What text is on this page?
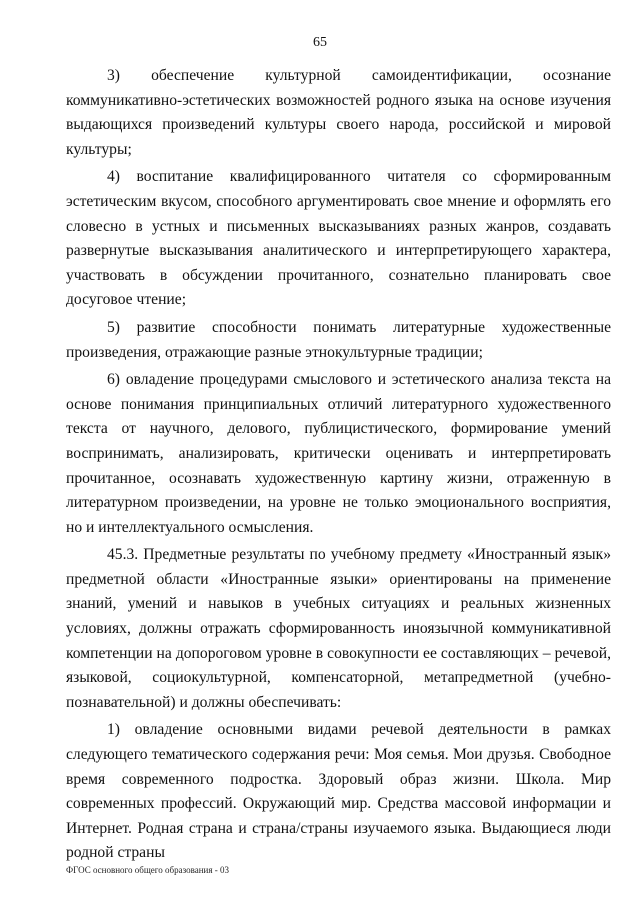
65

3) обеспечение культурной самоидентификации, осознание коммуникативно-эстетических возможностей родного языка на основе изучения выдающихся произведений культуры своего народа, российской и мировой культуры;

4) воспитание квалифицированного читателя со сформированным эстетическим вкусом, способного аргументировать свое мнение и оформлять его словесно в устных и письменных высказываниях разных жанров, создавать развернутые высказывания аналитического и интерпретирующего характера, участвовать в обсуждении прочитанного, сознательно планировать свое досуговое чтение;

5) развитие способности понимать литературные художественные произведения, отражающие разные этнокультурные традиции;

6) овладение процедурами смыслового и эстетического анализа текста на основе понимания принципиальных отличий литературного художественного текста от научного, делового, публицистического, формирование умений воспринимать, анализировать, критически оценивать и интерпретировать прочитанное, осознавать художественную картину жизни, отраженную в литературном произведении, на уровне не только эмоционального восприятия, но и интеллектуального осмысления.

45.3. Предметные результаты по учебному предмету «Иностранный язык» предметной области «Иностранные языки» ориентированы на применение знаний, умений и навыков в учебных ситуациях и реальных жизненных условиях, должны отражать сформированность иноязычной коммуникативной компетенции на допороговом уровне в совокупности ее составляющих – речевой, языковой, социокультурной, компенсаторной, метапредметной (учебно-познавательной) и должны обеспечивать:

1) овладение основными видами речевой деятельности в рамках следующего тематического содержания речи: Моя семья. Мои друзья. Свободное время современного подростка. Здоровый образ жизни. Школа. Мир современных профессий. Окружающий мир. Средства массовой информации и Интернет. Родная страна и страна/страны изучаемого языка. Выдающиеся люди родной страны

ФГОС основного общего образования - 03
